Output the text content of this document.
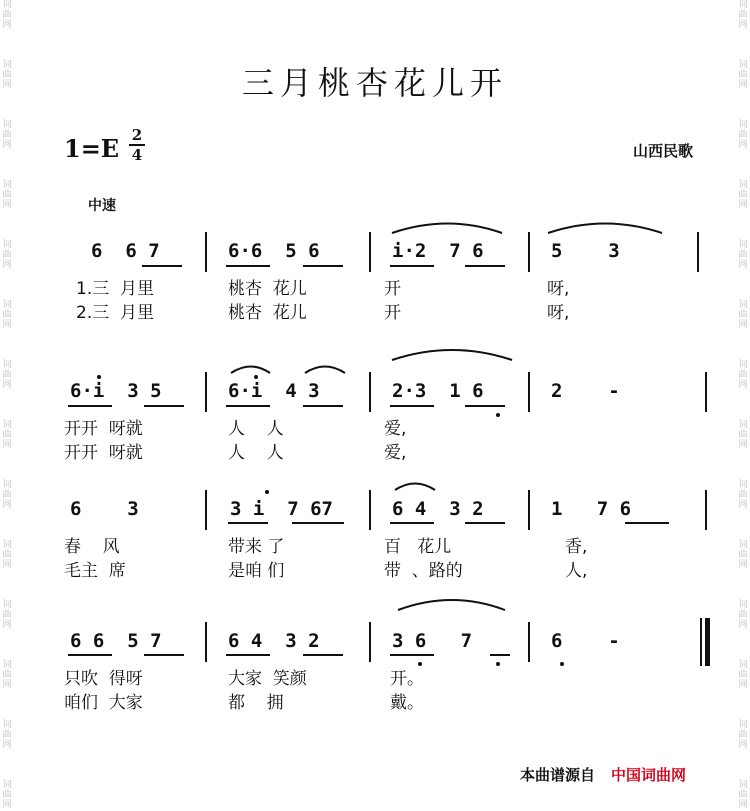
词
曲
网
词
曲
网
词
曲
网
词
曲
网
词
曲
网
词
曲
网
词
曲
网
词
曲
网
词
曲
网
词
曲
网
词
曲
网
词
曲
网
词
曲
网
词
曲
网
词
曲
网
词
曲
网
词
曲
网
词
曲
网
词
曲
网
词
曲
网
词
曲
网
词
曲
网
词
曲
网
词
曲
网
词
曲
网
词
曲
网
词
曲
网
词
曲
网
三月桃杏花儿开
1=E 2
4	山西民歌
中速
6  6 7	6·6  5 6	i·2  7 6	5    3
1.三  月里	桃杏  花儿	开	呀,
2.三  月里	桃杏  花儿	开	呀,
6·i  3 5	6·i  4 3	2·3  1 6	2    -
开开  呀就	人    人	爱,
开开  呀就	人    人	爱,
6    3	3 i  7 67	6 4  3 2	1   7 6
春    风	带来 了	百   花儿	香,
毛主  席	是咱 们	带  、路的	人,
6 6  5 7	6 4  3 2	3 6   7	6    -
只吹  得呀	大家  笑颜	开。
咱们  大家	都    拥	戴。
本曲谱源自 中国词曲网
